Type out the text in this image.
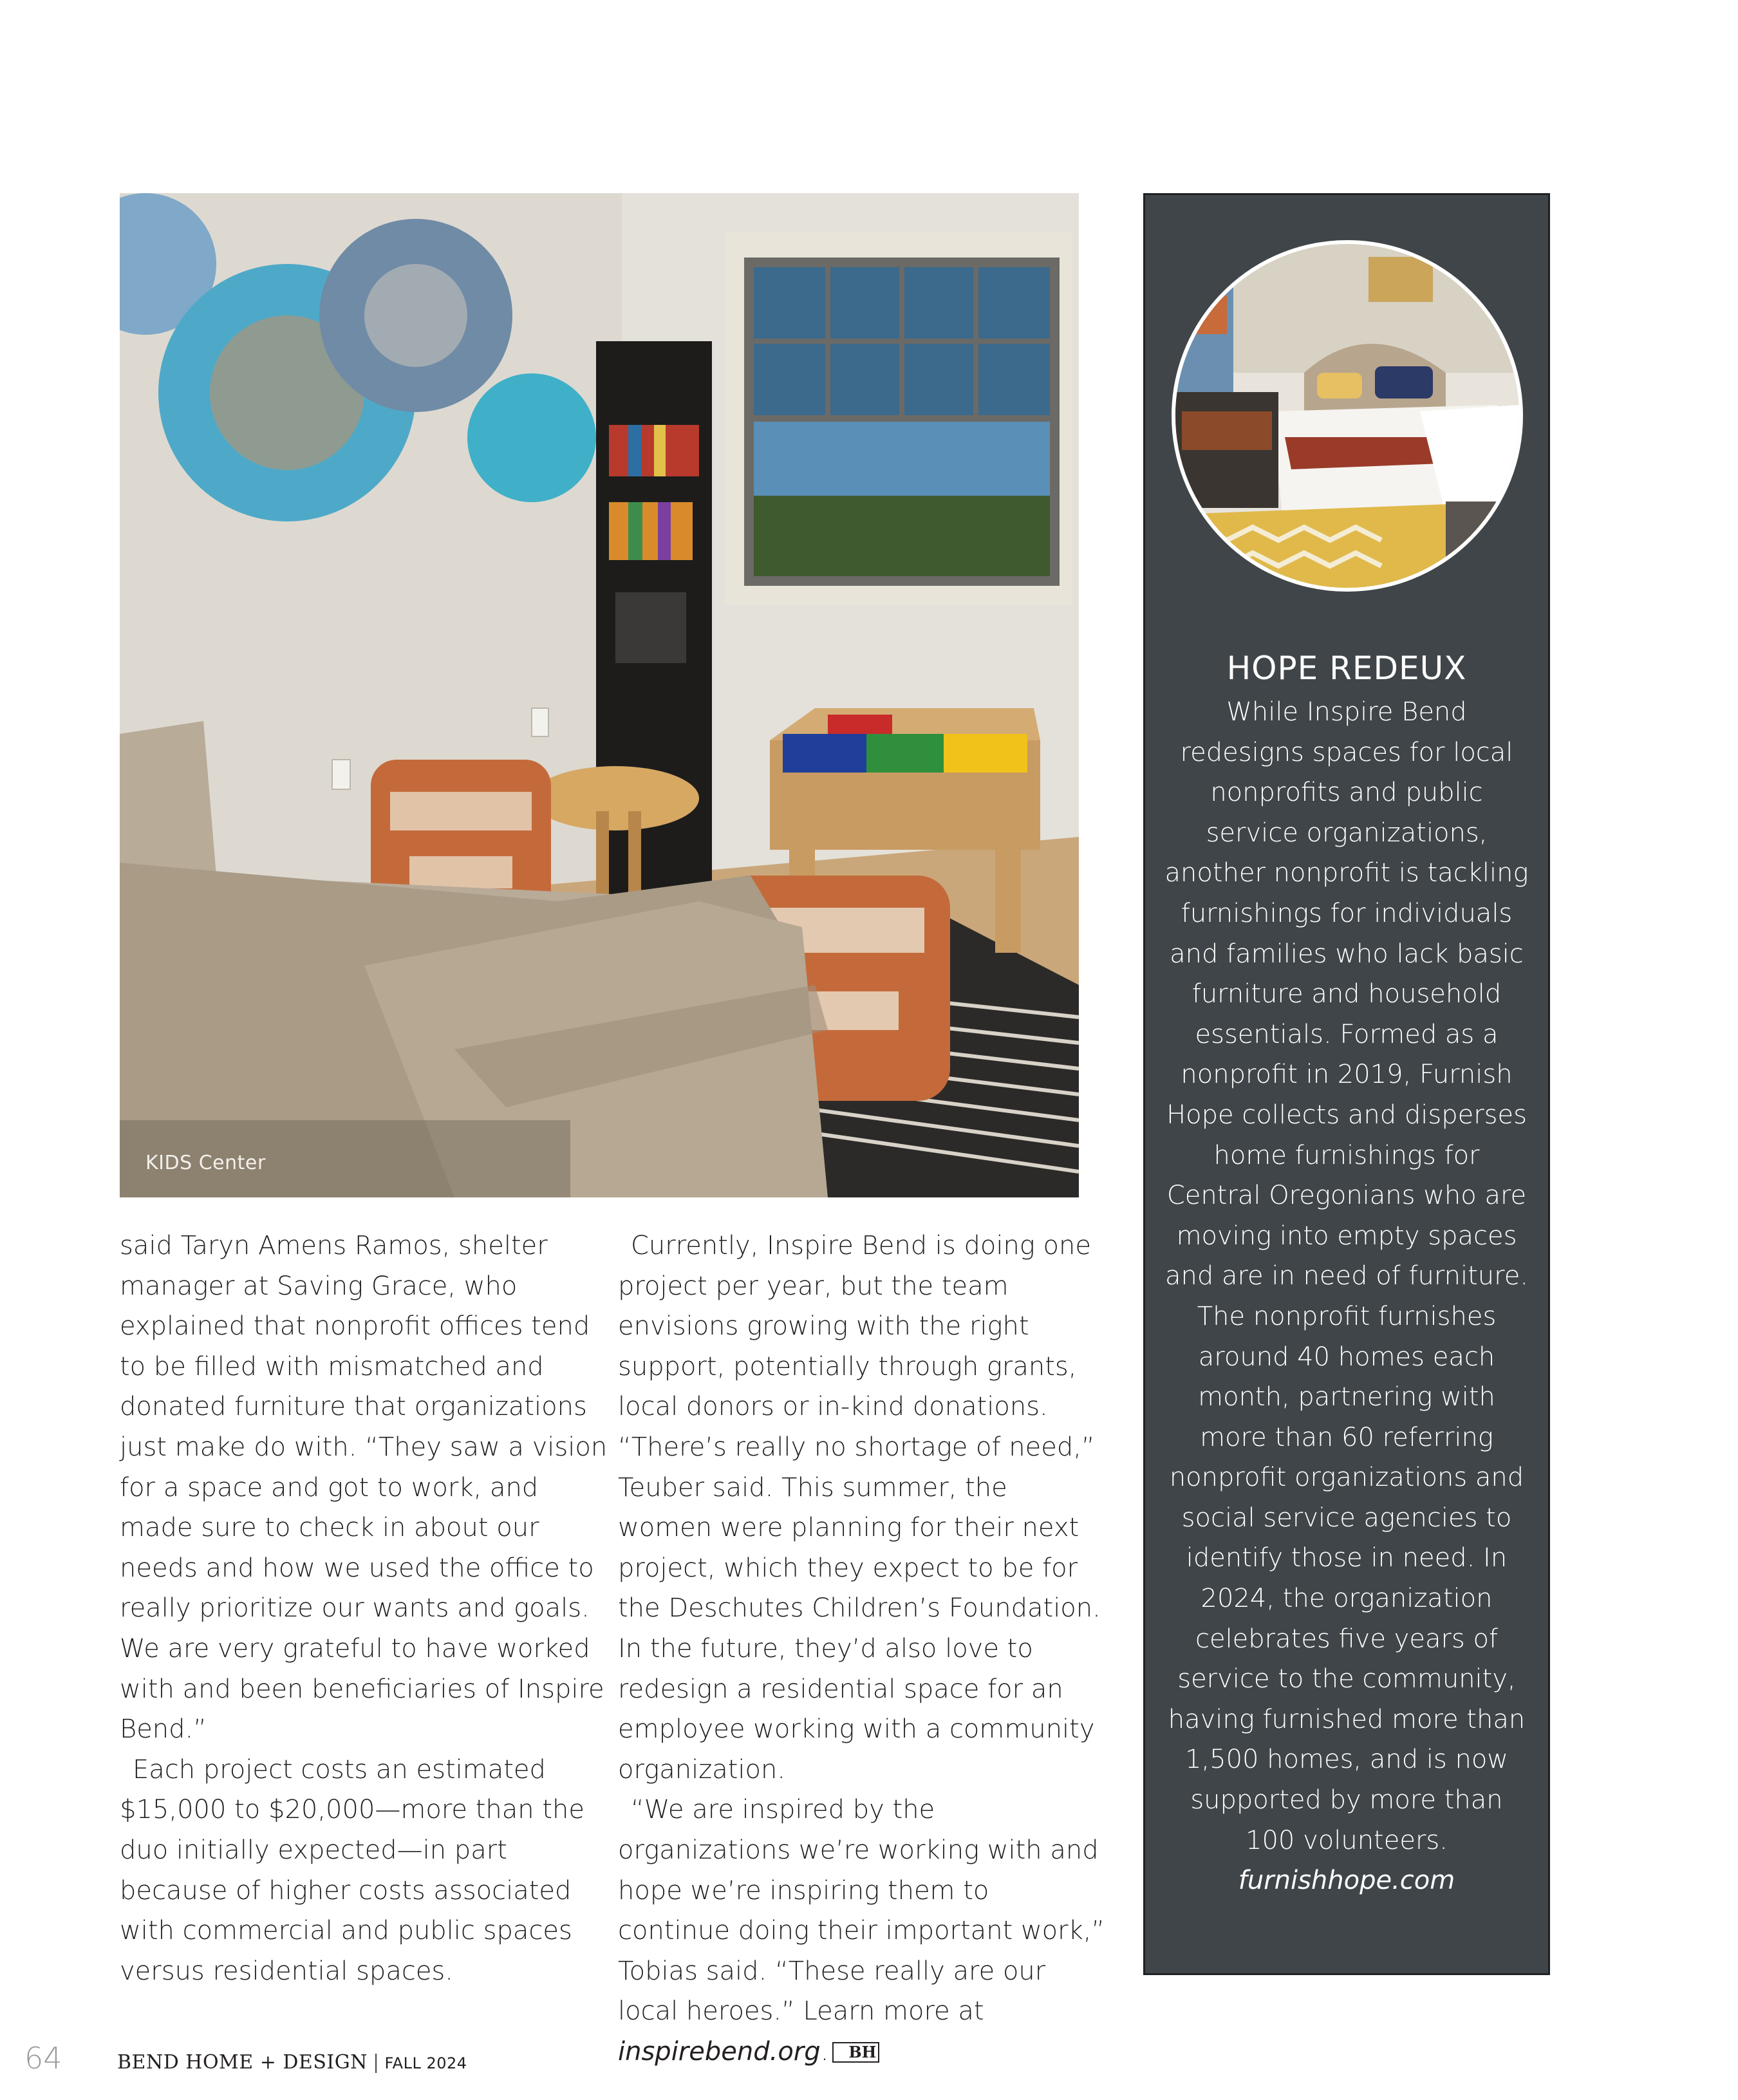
KIDS Center

said Taryn Amens Ramos, shelter manager at Saving Grace, who explained that nonprofit offices tend to be filled with mismatched and donated furniture that organizations just make do with. “They saw a vision for a space and got to work, and made sure to check in about our needs and how we used the office to really prioritize our wants and goals. We are very grateful to have worked with and been beneficiaries of Inspire Bend.”

Each project costs an estimated $15,000 to $20,000—more than the duo initially expected—in part because of higher costs associated with commercial and public spaces versus residential spaces.

Currently, Inspire Bend is doing one project per year, but the team envisions growing with the right support, potentially through grants, local donors or in-kind donations. “There’s really no shortage of need,” Teuber said. This summer, the women were planning for their next project, which they expect to be for the Deschutes Children’s Foundation. In the future, they’d also love to redesign a residential space for an employee working with a community organization.

“We are inspired by the organizations we’re working with and hope we’re inspiring them to continue doing their important work,” Tobias said. “These really are our local heroes.” Learn more at inspirebend.org. BH

HOPE REDEUX

While Inspire Bend redesigns spaces for local nonprofits and public service organizations, another nonprofit is tackling furnishings for individuals and families who lack basic furniture and household essentials. Formed as a nonprofit in 2019, Furnish Hope collects and disperses home furnishings for Central Oregonians who are moving into empty spaces and are in need of furniture. The nonprofit furnishes around 40 homes each month, partnering with more than 60 referring nonprofit organizations and social service agencies to identify those in need. In 2024, the organization celebrates five years of service to the community, having furnished more than 1,500 homes, and is now supported by more than 100 volunteers.

furnishhope.com

64	BEND HOME + DESIGN | FALL 2024
